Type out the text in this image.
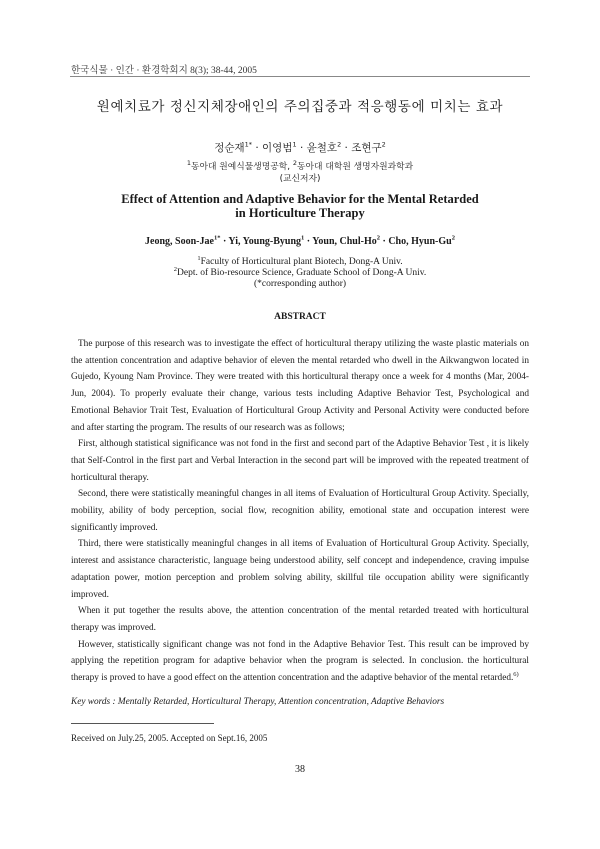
한국식물 · 인간 · 환경학회지 8(3); 38-44, 2005
원예치료가 정신지체장애인의 주의집중과 적응행동에 미치는 효과
정순재$^{1*}$ · 이영범$^1$ · 윤철호$^2$ · 조현구$^2$
$^1$동아대 원예식물생명공학, $^2$동아대 대학원 생명자원과학과
(교신저자)
Effect of Attention and Adaptive Behavior for the Mental Retarded
in Horticulture Therapy
Jeong, Soon-Jae$^{1*}$ · Yi, Young-Byung$^1$ · Youn, Chul-$Ho^2$ · Cho, Hyun-Gu$^2$
$^1$Faculty of Horticultural plant Biotech, Dong-A Univ.
$^2$Dept. of Bio-resource Science, Graduate School of Dong-A Univ.
(*corresponding author)
ABSTRACT

The purpose of this research was to investigate the effect of horticultural therapy utilizing the waste plastic materials on the attention concentration and adaptive behavior of eleven the mental retarded who dwell in the Aikwangwon located in Gujedo, Kyoung Nam Province. They were treated with this horticultural therapy once a week for 4 months (Mar, 2004- Jun, 2004). To properly evaluate their change, various tests including Adaptive Behavior Test, Psychological and Emotional Behavior Trait Test, Evaluation of Horticultural Group Activity and Personal Activity were conducted before and after starting the program. The results of our research was as follows;

First, although statistical significance was not fond in the first and second part of the Adaptive Behavior Test , it is likely that Self-Control in the first part and Verbal Interaction in the second part will be improved with the repeated treatment of horticultural therapy.

Second, there were statistically meaningful changes in all items of Evaluation of Horticultural Group Activity. Specially, mobility, ability of body perception, social flow, recognition ability, emotional state and occupation interest were significantly improved.

Third, there were statistically meaningful changes in all items of Evaluation of Horticultural Group Activity. Specially, interest and assistance characteristic, language being understood ability, self concept and independence, craving impulse adaptation power, motion perception and problem solving ability, skillful tile occupation ability were significantly improved.

When it put together the results above, the attention concentration of the mental retarded treated with horticultural therapy was improved.

However, statistically significant change was not fond in the Adaptive Behavior Test. This result can be improved by applying the repetition program for adaptive behavior when the program is selected. In conclusion. the horticultural therapy is proved to have a good effect on the attention concentration and the adaptive behavior of the mental retarded.$^{6)}$

Key words : Mentally Retarded, Horticultural Therapy, Attention concentration, Adaptive Behaviors
Received on July.25, 2005. Accepted on Sept.16, 2005
38
